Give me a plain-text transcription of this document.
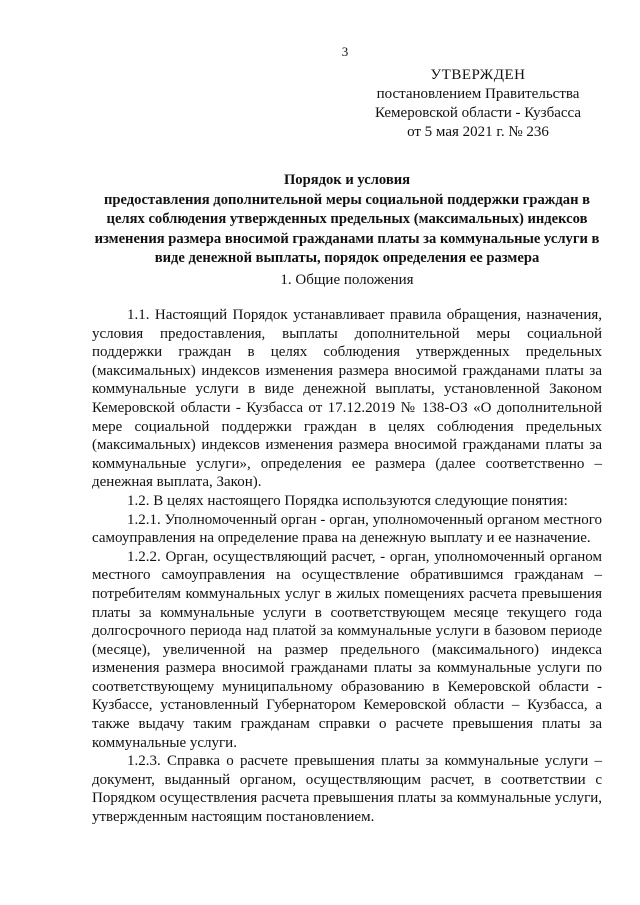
3
УТВЕРЖДЕН
постановлением Правительства
Кемеровской области - Кузбасса
от 5 мая 2021 г. № 236
Порядок и условия
предоставления дополнительной меры социальной поддержки граждан в целях соблюдения утвержденных предельных (максимальных) индексов изменения размера вносимой гражданами платы за коммунальные услуги в виде денежной выплаты, порядок определения ее размера
1. Общие положения

1.1. Настоящий Порядок устанавливает правила обращения, назначения, условия предоставления, выплаты дополнительной меры социальной поддержки граждан в целях соблюдения утвержденных предельных (максимальных) индексов изменения размера вносимой гражданами платы за коммунальные услуги в виде денежной выплаты, установленной Законом Кемеровской области - Кузбасса от 17.12.2019 № 138-ОЗ «О дополнительной мере социальной поддержки граждан в целях соблюдения предельных (максимальных) индексов изменения размера вносимой гражданами платы за коммунальные услуги», определения ее размера (далее соответственно – денежная выплата, Закон).

1.2. В целях настоящего Порядка используются следующие понятия:

1.2.1. Уполномоченный орган - орган, уполномоченный органом местного самоуправления на определение права на денежную выплату и ее назначение.

1.2.2. Орган, осуществляющий расчет, - орган, уполномоченный органом местного самоуправления на осуществление обратившимся гражданам – потребителям коммунальных услуг в жилых помещениях расчета превышения платы за коммунальные услуги в соответствующем месяце текущего года долгосрочного периода над платой за коммунальные услуги в базовом периоде (месяце), увеличенной на размер предельного (максимального) индекса изменения размера вносимой гражданами платы за коммунальные услуги по соответствующему муниципальному образованию в Кемеровской области - Кузбассе, установленный Губернатором Кемеровской области – Кузбасса, а также выдачу таким гражданам справки о расчете превышения платы за коммунальные услуги.

1.2.3. Справка о расчете превышения платы за коммунальные услуги – документ, выданный органом, осуществляющим расчет, в соответствии с Порядком осуществления расчета превышения платы за коммунальные услуги, утвержденным настоящим постановлением.
